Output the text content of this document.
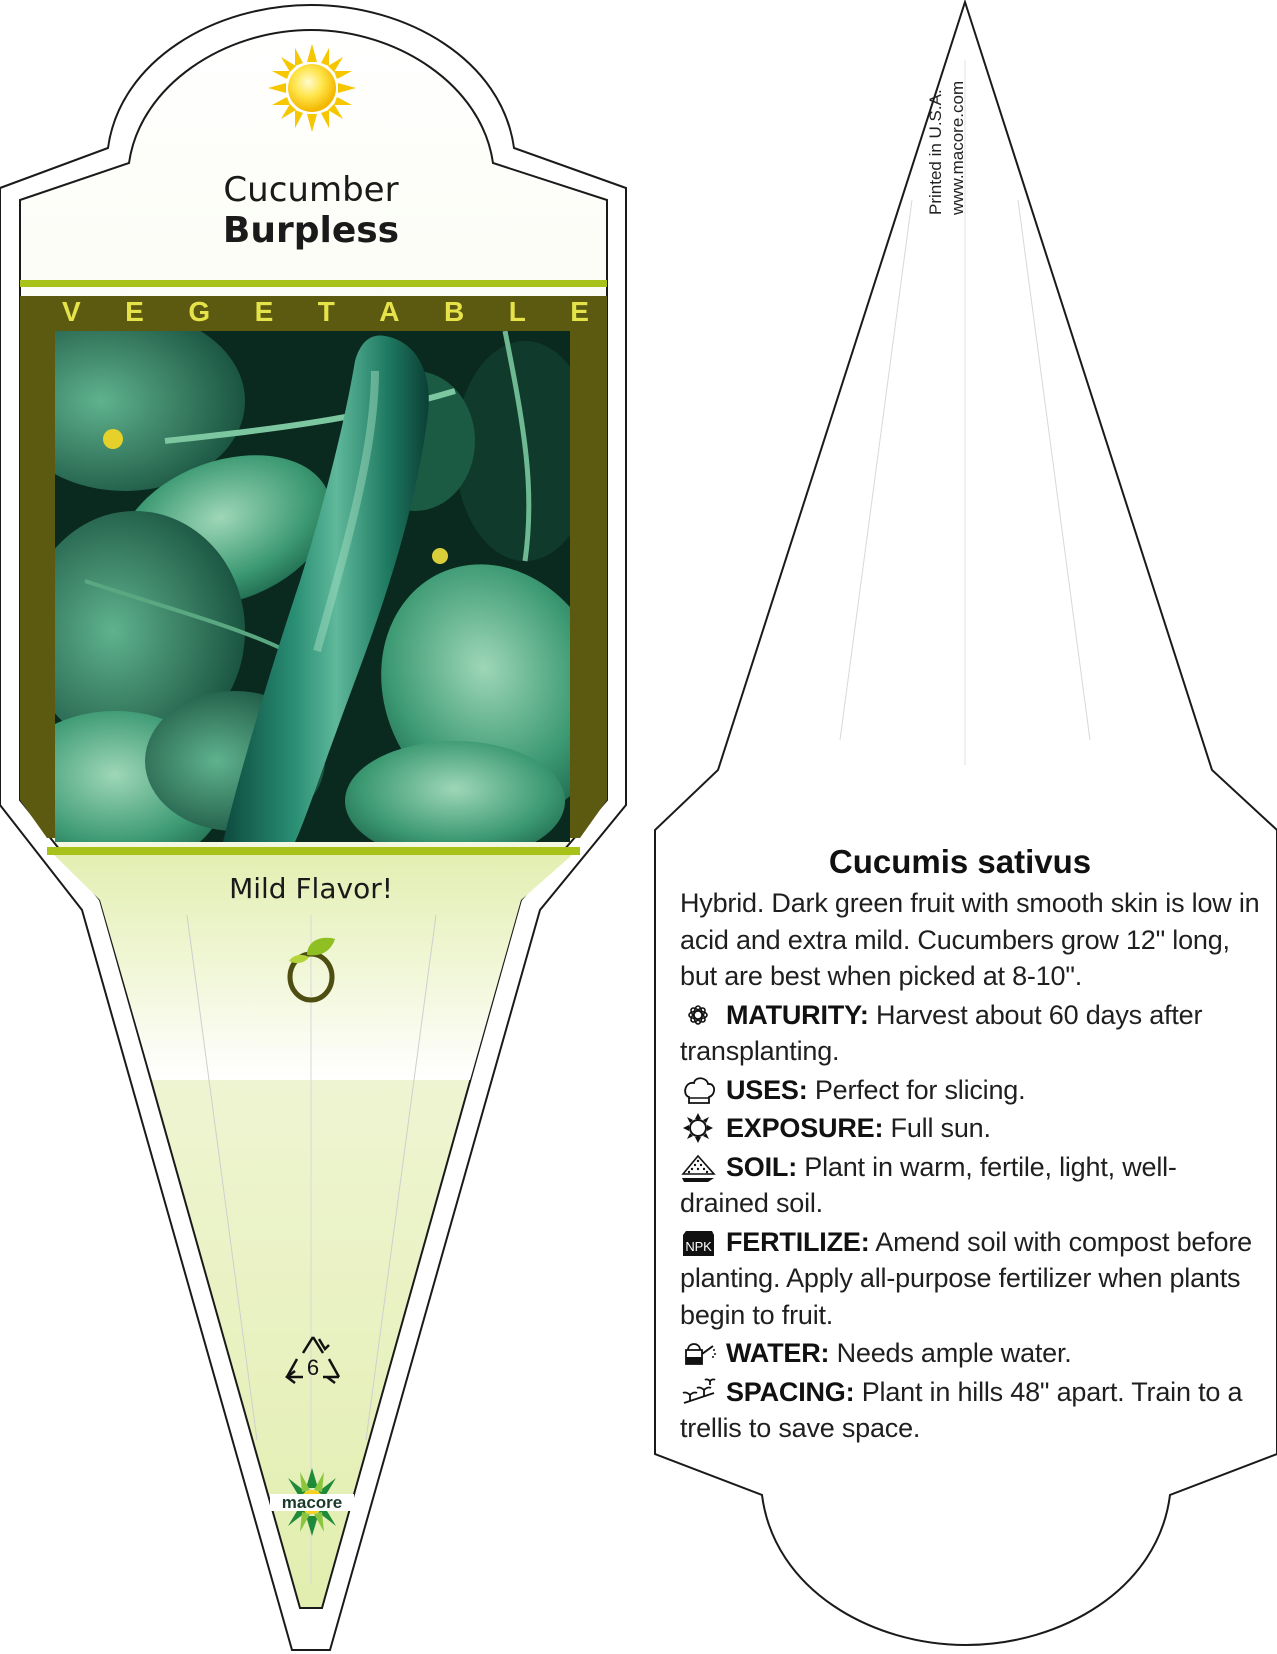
Cucumber
Burpless
V E G E T A B L E
Mild Flavor!
6
macore
Printed in U.S.A. www.macore.com
Cucumis sativus
Hybrid. Dark green fruit with smooth skin is low in acid and extra mild. Cucumbers grow 12" long, but are best when picked at 8-10".
MATURITY: Harvest about 60 days after transplanting.
USES: Perfect for slicing.
EXPOSURE: Full sun.
SOIL: Plant in warm, fertile, light, well-drained soil.
NPK FERTILIZE: Amend soil with compost before planting. Apply all-purpose fertilizer when plants begin to fruit.
WATER: Needs ample water.
SPACING: Plant in hills 48" apart. Train to a trellis to save space.
